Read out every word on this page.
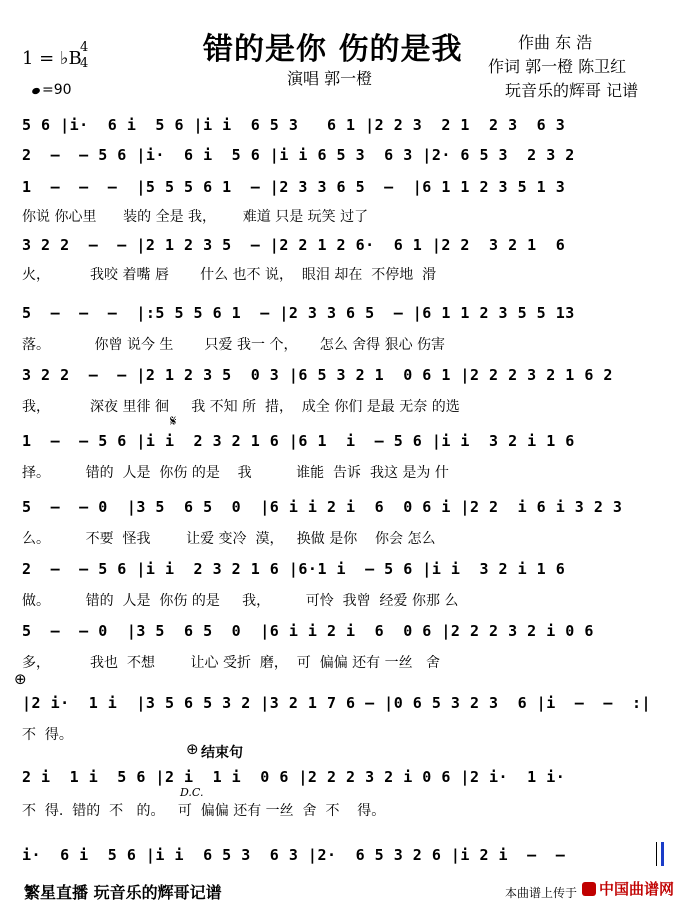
错的是你 伤的是我	作曲 东 浩
作词 郭一橙 陈卫红
演唱 郭一橙
玩音乐的辉哥 记谱
1 = ♭B
4
4
=90
5 6 |i·  6 i  5 6 |i i  6 5 3   6 1 |2 2 3  2 1  2 3  6 3
2  –  – 5 6 |i·  6 i  5 6 |i i 6 5 3  6 3 |2· 6 5 3  2 3 2
1  –  –  –  |5 5 5 6 1  – |2 3 3 6 5  –  |6 1 1 2 3 5 1 3
你说 你心里      装的 全是 我，      难道 只是 玩笑 过了
3 2 2  –  – |2 1 2 3 5  – |2 2 1 2 6·  6 1 |2 2  3 2 1  6
火，         我咬 着嘴 唇       什么 也不 说，  眼泪 却在  不停地  滑
5  –  –  –  |:5 5 5 6 1  – |2 3 3 6 5  – |6 1 1 2 3 5 5 13
落。          你曾 说今 生       只爱 我一 个，     怎么 舍得 狠心 伤害
3 2 2  –  – |2 1 2 3 5  0 3 |6 5 3 2 1  0 6 1 |2 2 2 3 2 1 6 2
我，         深夜 里徘 徊     我 不知 所  措，  成全 你们 是最 无奈 的选
𝄋
1  –  – 5 6 |i i  2 3 2 1 6 |6 1  i  – 5 6 |i i  3 2 i 1 6
择。        错的  人是  你伤 的是    我          谁能  告诉  我这 是为 什
5  –  – 0  |3 5  6 5  0  |6 i i 2 i  6  0 6 i |2 2  i 6 i 3 2 3
么。        不要  怪我        让爱 变冷  漠，   换做 是你    你会 怎么
2  –  – 5 6 |i i  2 3 2 1 6 |6·1 i  – 5 6 |i i  3 2 i 1 6
做。        错的  人是  你伤 的是     我，        可怜  我曾  经爱 你那 么
5  –  – 0  |3 5  6 5  0  |6 i i 2 i  6  0 6 |2 2 2 3 2 i 0 6
多，         我也  不想        让心 受折  磨，  可  偏偏 还有 一丝   舍
⊕
|2 i·  1 i  |3 5 6 5 3 2 |3 2 1 7 6 – |0 6 5 3 2 3  6 |i  –  –  :|
不  得。
⊕ 结束句
2 i  1 i  5 6 |2 i  1 i  0 6 |2 2 2 3 2 i 0 6 |2 i·  1 i·
D.C.
不  得.  错的  不   的。   可  偏偏 还有 一丝  舍  不    得。
i·  6 i  5 6 |i i  6 5 3  6 3 |2·  6 5 3 2 6 |i 2 i  –  –
繁星直播 玩音乐的辉哥记谱	本曲谱上传于	中国曲谱网
